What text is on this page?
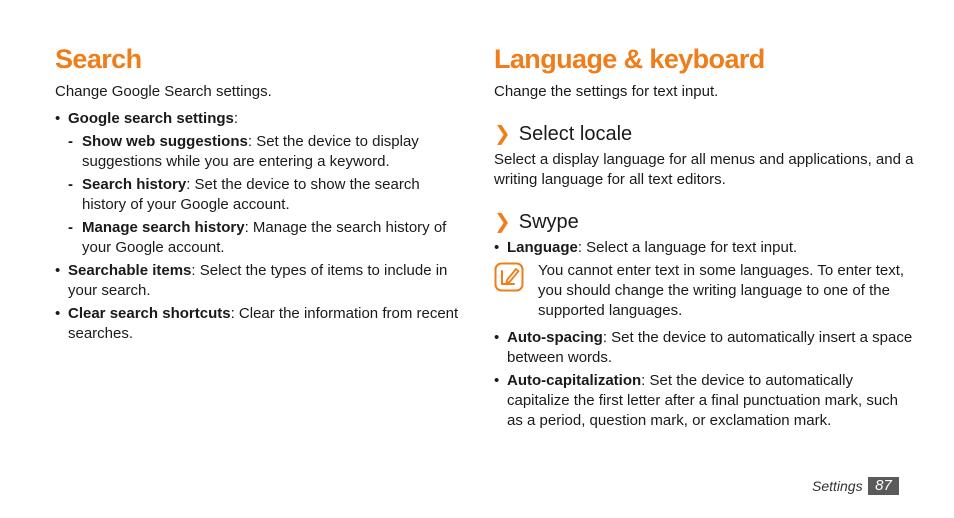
Search

Change Google Search settings.

• Google search settings:
- Show web suggestions: Set the device to display suggestions while you are entering a keyword.
- Search history: Set the device to show the search history of your Google account.
- Manage search history: Manage the search history of your Google account.
• Searchable items: Select the types of items to include in your search.
• Clear search shortcuts: Clear the information from recent searches.
Language & keyboard

Change the settings for text input.

❯ Select locale

Select a display language for all menus and applications, and a writing language for all text editors.

❯ Swype
• Language: Select a language for text input.
You cannot enter text in some languages. To enter text, you should change the writing language to one of the supported languages.
• Auto-spacing: Set the device to automatically insert a space between words.
• Auto-capitalization: Set the device to automatically capitalize the first letter after a final punctuation mark, such as a period, question mark, or exclamation mark.
Settings 87
